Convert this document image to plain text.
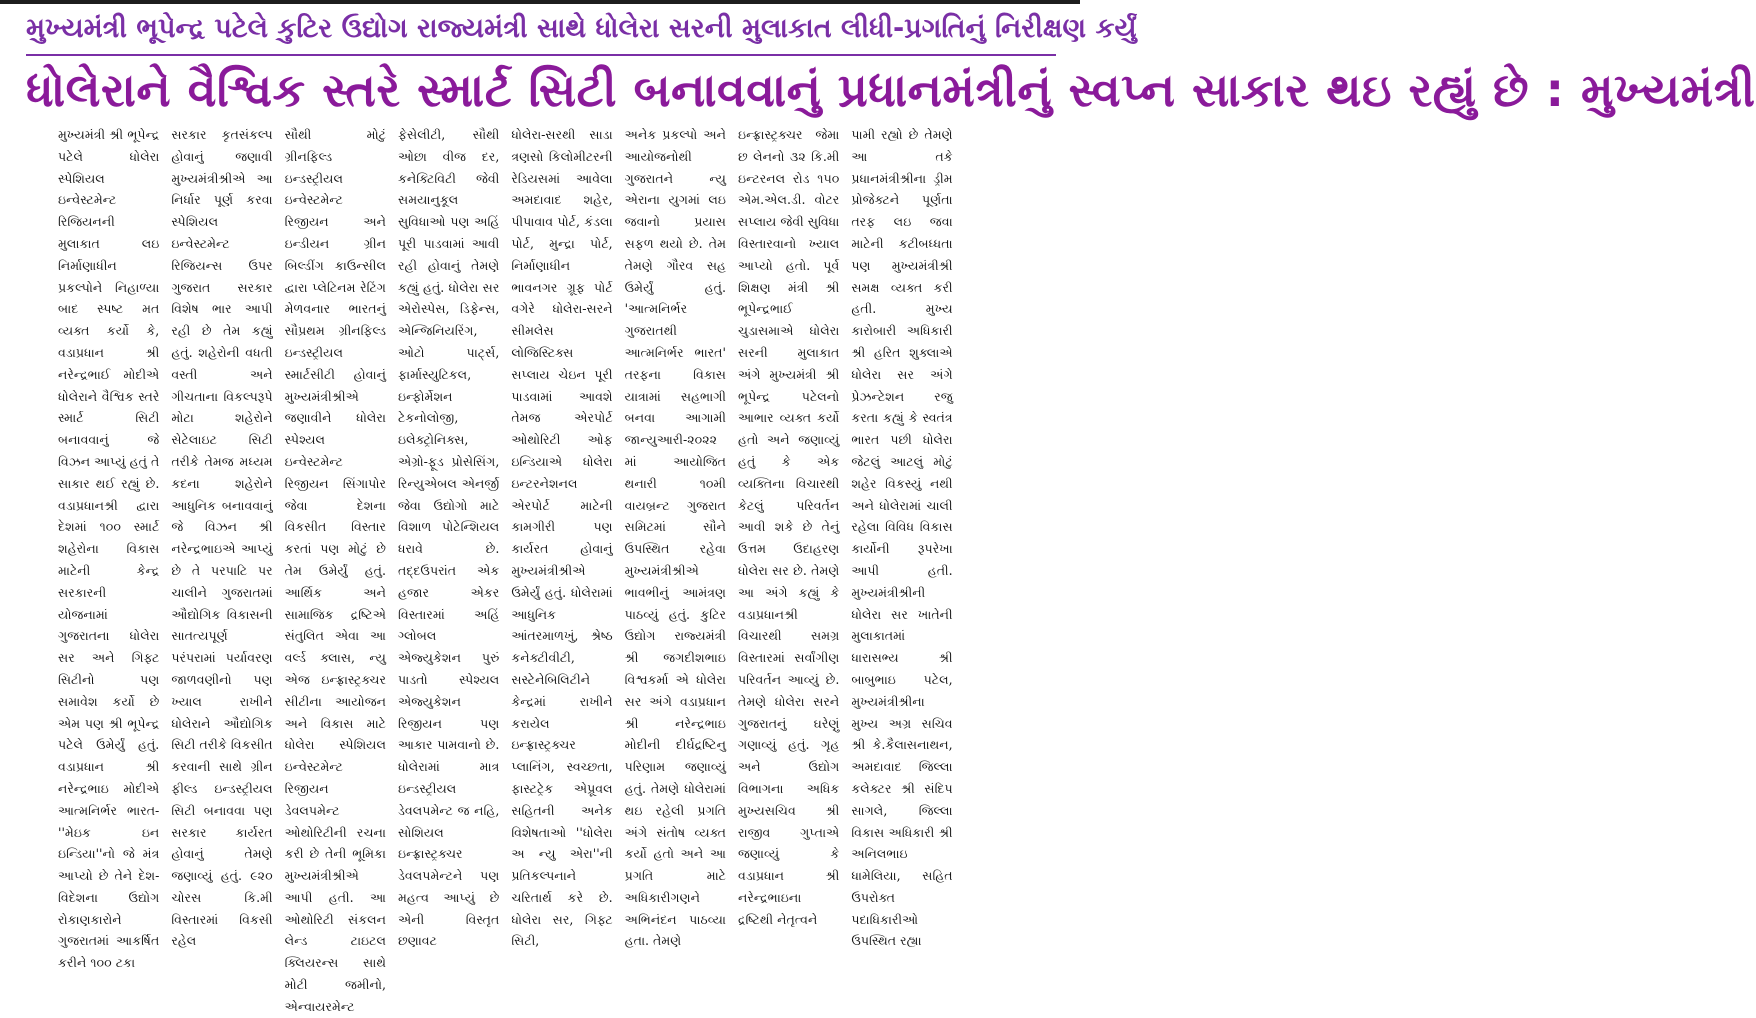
મુખ્યમંત્રી ભૂપેન્દ્ર પટેલે કુટિર ઉદ્યોગ રાજ્યમંત્રી સાથે ધોલેરા સરની મુલાકાત લીધી-પ્રગતિનું નિરીક્ષણ કર્યું
ધોલેરાને વૈશ્વિક સ્તરે સ્માર્ટ સિટી બનાવવાનું પ્રધાનમંત્રીનું સ્વપ્ન સાકાર થઇ રહ્યું છે : મુખ્યમંત્રી
મુખ્યમંત્રી શ્રી ભૂપેન્દ્ર પટેલે ધોલેરા સ્પેશિયલ ઇન્વેસ્ટમેન્ટ રિજિયનની મુલાકાત લઇ નિર્માણાધીન પ્રકલ્પોને નિહાળ્યા બાદ સ્પષ્ટ મત વ્યક્ત કર્યો કે, વડાપ્રધાન શ્રી નરેન્દ્રભાઈ મોદીએ ધોલેરાને વૈશ્વિક સ્તરે સ્માર્ટ સિટી બનાવવાનું જે વિઝન આપ્યું હતું તે સાકાર થઈ રહ્યું છે. વડાપ્રધાનશ્રી દ્વારા દેશમાં ૧૦૦ સ્માર્ટ શહેરોના વિકાસ માટેની કેન્દ્ર સરકારની યોજનામાં ગુજરાતના ધોલેરા સર અને ગિફ્ટ સિટીનો પણ સમાવેશ કર્યો છે એમ પણ શ્રી ભૂપેન્દ્ર પટેલે ઉમેર્યું હતું. વડાપ્રધાન શ્રી નરેન્દ્રભાઇ મોદીએ આત્મનિર્ભર ભારત- ''મેઇક ઇન ઇન્ડિયા''નો જે મંત્ર આપ્યો છે તેને દેશ-વિદેશના ઉદ્યોગ રોકાણકારોને ગુજરાતમાં આકર્ષિત કરીને ૧૦૦ ટકા
સરકાર કૃતસંકલ્પ હોવાનું જણાવી મુખ્યમંત્રીશ્રીએ આ નિર્ધાર પૂર્ણ કરવા સ્પેશિયલ ઇન્વેસ્ટમેન્ટ રિજિયન્સ ઉપર ગુજરાત સરકાર વિશેષ ભાર આપી રહી છે તેમ કહ્યું હતું. શહેરોની વધતી વસ્તી અને ગીચતાના વિકલ્પરૂપે મોટા શહેરોને સેટેલાઇટ સિટી તરીકે તેમજ મધ્યમ કદના શહેરોને આધુનિક બનાવવાનું જે વિઝન શ્રી નરેન્દ્રભાઇએ આપ્યું છે તે પરપાટિ પર ચાલીને ગુજરાતમાં ઔદ્યોગિક વિકાસની સાતત્યપૂર્ણ પરંપરામાં પર્યાવરણ જાળવણીનો પણ ખ્યાલ રાખીને ધોલેરાને ઔદ્યોગિક સિટી તરીકે વિકસીત કરવાની સાથે ગ્રીન ફીલ્ડ ઇન્ડસ્ટ્રીયલ સિટી બનાવવા પણ સરકાર કાર્યરત હોવાનું તેમણે જણાવ્યું હતું. ૯૨૦ ચોરસ કિ.મી વિસ્તારમાં વિકસી રહેલ
સૌથી મોટું ગ્રીનફિલ્ડ ઇન્ડસ્ટ્રીયલ ઇન્વેસ્ટમેન્ટ રિજીયન અને ઇન્ડીયન ગ્રીન બિલ્ડીંગ કાઉન્સીલ દ્વારા પ્લેટિનમ રેટિંગ મેળવનાર ભારતનું સૌપ્રથમ ગ્રીનફિલ્ડ ઇન્ડસ્ટ્રીયલ સ્માર્ટસીટી હોવાનું મુખ્યમંત્રીશ્રીએ જણાવીને ધોલેરા સ્પેશ્યલ ઇન્વેસ્ટમેન્ટ રિજીયન સિંગાપોર જેવા દેશના વિકસીત વિસ્તાર કરતાં પણ મોટું છે તેમ ઉમેર્યું હતું. આર્થિક અને સામાજિક દ્રષ્ટિએ સંતુલિત એવા આ વર્લ્ડ ક્લાસ, ન્યુ એજ ઇન્ફ્રાસ્ટ્રક્ચર સીટીના આયોજન અને વિકાસ માટે ધોલેરા સ્પેશિયલ ઇન્વેસ્ટમેન્ટ રિજીયન ડેવલપમેન્ટ ઓથોરિટીની રચના કરી છે તેની ભૂમિકા મુખ્યમંત્રીશ્રીએ આપી હતી. આ ઓથોરિટી સંકલન લેન્ડ ટાઇટલ ક્લિયરન્સ સાથે મોટી જમીનો, એન્વાયરમેન્ટ
ફેસેલીટી, સૌથી ઓછા વીજ દર, કનેક્ટિવિટી જેવી સમયાનુકૂલ સુવિધાઓ પણ અહિં પૂરી પાડવામાં આવી રહી હોવાનું તેમણે કહ્યું હતું. ધોલેરા સર એરોસ્પેસ, ડિફેન્સ, એન્જિનિયરિંગ, ઓટો પાર્ટ્સ, ફાર્માસ્યુટિકલ, ઇન્ફોર્મેશન ટેકનોલોજી, ઇલેક્ટ્રોનિક્સ, એગ્રો-ફૂડ પ્રોસેસિંગ, રિન્યુએબલ એનર્જી જેવા ઉદ્યોગો માટે વિશાળ પોટેન્શિયલ ધરાવે છે. તદ્દઉપરાંત એક હજાર એકર વિસ્તારમાં અહિં ગ્લોબલ એજ્યુકેશન પુરું પાડતો સ્પેશ્યલ એજ્યુકેશન રિજીયન પણ આકાર પામવાનો છે. ધોલેરામાં માત્ર ઇન્ડસ્ટ્રીયલ ડેવલપમેન્ટ જ નહિ, સોશિયલ ઇન્ફ્રાસ્ટ્રક્ચર ડેવલપમેન્ટને પણ મહત્વ આપ્યું છે એની વિસ્તૃત છણાવટ
ધોલેરા-સરથી સાડા ત્રણસો કિલોમીટરની રેડિયસમાં આવેલા અમદાવાદ શહેર, પીપાવાવ પોર્ટ, કંડલા પોર્ટ, મુન્દ્રા પોર્ટ, નિર્માણાધીન ભાવનગર ગ્રૂફ પોર્ટ વગેરે ધોલેરા-સરને સીમલેસ લોજિસ્ટિક્સ સપ્લાય ચેઇન પૂરી પાડવામાં આવશે તેમજ એરપોર્ટ ઓથોરિટી ઓફ ઇન્ડિયાએ ધોલેરા ઇન્ટરનેશનલ એરપોર્ટ માટેની કામગીરી પણ કાર્યરત હોવાનું મુખ્યમંત્રીશ્રીએ ઉમેર્યું હતું. ધોલેરામાં આધુનિક આંતરમાળખું, શ્રેષ્ઠ કનેક્ટીવીટી, સસ્ટેનેબિલિટીને કેન્દ્રમાં રાખીને કરાયેલ ઇન્ફ્રાસ્ટ્રક્ચર પ્લાનિંગ, સ્વચ્છતા, ફાસ્ટટ્રેક એપ્રૂવલ સહિતની અનેક વિશેષતાઓ ''ધોલેરા અ ન્યુ એરા''ની પ્રતિકલ્પનાને ચરિતાર્થ કરે છે. ધોલેરા સર, ગિફ્ટ સિટી,
અનેક પ્રકલ્પો અને આયોજનોથી ગુજરાતને ન્યુ એરાના યુગમાં લઇ જવાનો પ્રયાસ સફળ થયો છે. તેમ તેમણે ગૌરવ સહ ઉમેર્યું હતું. 'આત્મનિર્ભર ગુજરાતથી આત્મનિર્ભર ભારત' તરફના વિકાસ યાત્રામાં સહભાગી બનવા આગામી જાન્યુઆરી-૨૦૨૨ માં આયોજિત થનારી ૧૦મી વાયબ્રન્ટ ગુજરાત સમિટમાં સૌને ઉપસ્થિત રહેવા મુખ્યમંત્રીશ્રીએ ભાવભીનું આમંત્રણ પાઠવ્યું હતું. કુટિર ઉદ્યોગ રાજ્યમંત્રી શ્રી જગદીશભાઇ વિશ્વકર્મા એ ધોલેરા સર અંગે વડાપ્રધાન શ્રી નરેન્દ્રભાઇ મોદીની દીર્ઘદ્રષ્ટિનુ પરિણામ જણાવ્યું હતું. તેમણે ધોલેરામાં થઇ રહેલી પ્રગતિ અંગે સંતોષ વ્યક્ત કર્યો હતો અને આ પ્રગતિ માટે અધિકારીગણને અભિનંદન પાઠવ્યા હતા. તેમણે
ઇન્ફ્રાસ્ટ્રક્ચર જેમા છ લેનનો ૩૨ કિ.મી ઇન્ટરનલ રોડ ૧૫૦ એમ.એલ.ડી. વોટર સપ્લાય જેવી સુવિધા વિસ્તારવાનો ખ્યાલ આપ્યો હતો. પૂર્વ શિક્ષણ મંત્રી શ્રી ભૂપેન્દ્રભાઈ ચુડાસમાએ ધોલેરા સરની મુલાકાત અંગે મુખ્યમંત્રી શ્રી ભૂપેન્દ્ર પટેલનો આભાર વ્યક્ત કર્યો હતો અને જણાવ્યું હતું કે એક વ્યક્તિના વિચારથી કેટલું પરિવર્તન આવી શકે છે તેનું ઉત્તમ ઉદાહરણ ધોલેરા સર છે. તેમણે આ અંગે કહ્યું કે વડાપ્રધાનશ્રી વિચારથી સમગ્ર વિસ્તારમાં સર્વાંગીણ પરિવર્તન આવ્યું છે. તેમણે ધોલેરા સરને ગુજરાતનું ઘરેણું ગણાવ્યું હતું. ગૃહ અને ઉદ્યોગ વિભાગના અધિક મુખ્યસચિવ શ્રી રાજીવ ગુપ્તાએ જણાવ્યું કે વડાપ્રધાન શ્રી નરેન્દ્રભાઇના દ્રષ્ટિથી નેતૃત્વને
પામી રહ્યો છે તેમણે આ તકે પ્રધાનમંત્રીશ્રીના ડ્રીમ પ્રોજેક્ટને પૂર્ણતા તરફ લઇ જવા માટેની કટીબધ્ધતા પણ મુખ્યમંત્રીશ્રી સમક્ષ વ્યક્ત કરી હતી. મુખ્ય કારોબારી અધિકારી શ્રી હરિત શુક્લાએ ધોલેરા સર અંગે પ્રેઝન્ટેશન રજુ કરતા કહ્યું કે સ્વતંત્ર ભારત પછી ધોલેરા જેટલું આટલું મોટું શહેર વિકસ્યું નથી અને ધોલેરામાં ચાલી રહેલા વિવિધ વિકાસ કાર્યોની રૂપરેખા આપી હતી. મુખ્યમંત્રીશ્રીની ધોલેરા સર ખાતેની મુલાકાતમાં ધારાસભ્ય શ્રી બાબુભાઇ પટેલ, મુખ્યમંત્રીશ્રીના મુખ્ય અગ્ર સચિવ શ્રી કે.કૈલાસનાથન, અમદાવાદ જિલ્લા કલેક્ટર શ્રી સંદિપ સાગલે, જિલ્લા વિકાસ અધિકારી શ્રી અનિલભાઇ ધામેલિયા, સહિત ઉપરોક્ત પદાધિકારીઓ ઉપસ્થિત રહ્યા
